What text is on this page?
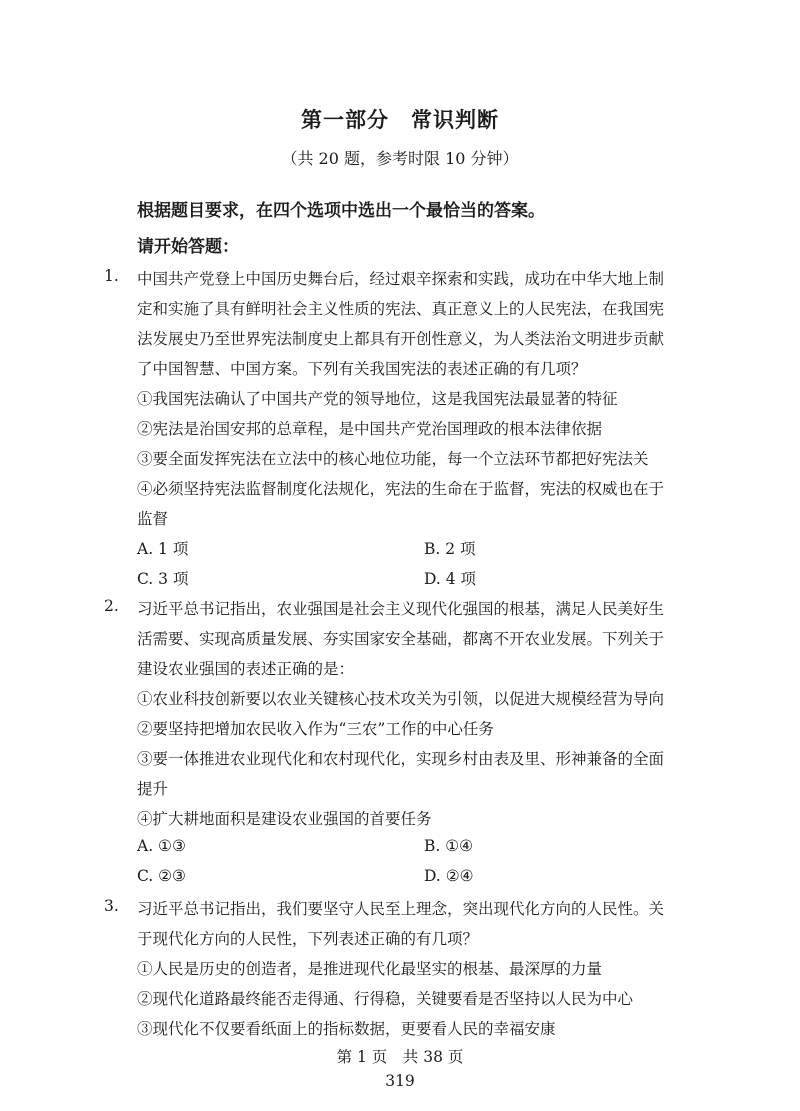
第一部分　常识判断
（共 20 题，参考时限 10 分钟）
根据题目要求，在四个选项中选出一个最恰当的答案。
请开始答题：
1. 中国共产党登上中国历史舞台后，经过艰辛探索和实践，成功在中华大地上制
定和实施了具有鲜明社会主义性质的宪法、真正意义上的人民宪法，在我国宪
法发展史乃至世界宪法制度史上都具有开创性意义，为人类法治文明进步贡献
了中国智慧、中国方案。下列有关我国宪法的表述正确的有几项？
①我国宪法确认了中国共产党的领导地位，这是我国宪法最显著的特征
②宪法是治国安邦的总章程，是中国共产党治国理政的根本法律依据
③要全面发挥宪法在立法中的核心地位功能，每一个立法环节都把好宪法关
④必须坚持宪法监督制度化法规化，宪法的生命在于监督，宪法的权威也在于
监督
A. 1 项	B. 2 项
C. 3 项	D. 4 项
2. 习近平总书记指出，农业强国是社会主义现代化强国的根基，满足人民美好生
活需要、实现高质量发展、夯实国家安全基础，都离不开农业发展。下列关于
建设农业强国的表述正确的是：
①农业科技创新要以农业关键核心技术攻关为引领，以促进大规模经营为导向
②要坚持把增加农民收入作为“三农”工作的中心任务
③要一体推进农业现代化和农村现代化，实现乡村由表及里、形神兼备的全面
提升
④扩大耕地面积是建设农业强国的首要任务
A. ①③	B. ①④
C. ②③	D. ②④
3. 习近平总书记指出，我们要坚守人民至上理念，突出现代化方向的人民性。关
于现代化方向的人民性，下列表述正确的有几项？
①人民是历史的创造者，是推进现代化最坚实的根基、最深厚的力量
②现代化道路最终能否走得通、行得稳，关键要看是否坚持以人民为中心
③现代化不仅要看纸面上的指标数据，更要看人民的幸福安康
第 1 页　共 38 页
319
